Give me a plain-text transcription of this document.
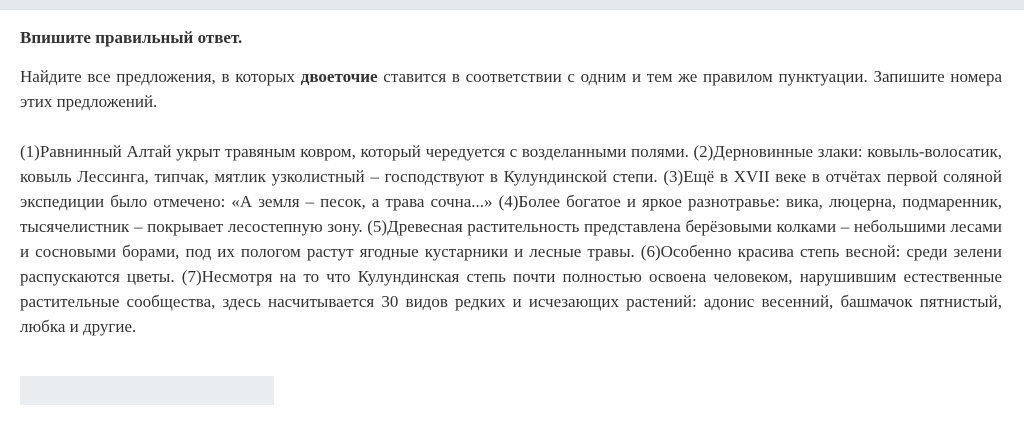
Впишите правильный ответ.

Найдите все предложения, в которых двоеточие ставится в соответствии с одним и тем же правилом пунктуации. Запишите номера этих предложений.

(1)Равнинный Алтай укрыт травяным ковром, который чередуется с возделанными полями. (2)Дерновинные злаки: ковыль-волосатик, ковыль Лессинга, типчак, мятлик узколистный – господствуют в Кулундинской степи. (3)Ещё в XVII веке в отчётах первой соляной экспедиции было отмечено: «А земля – песок, а трава сочна...» (4)Более богатое и яркое разнотравье: вика, люцерна, подмаренник, тысячелистник – покрывает лесостепную зону. (5)Древесная растительность представлена берёзовыми колками – небольшими лесами и сосновыми борами, под их пологом растут ягодные кустарники и лесные травы. (6)Особенно красива степь весной: среди зелени распускаются цветы. (7)Несмотря на то что Кулундинская степь почти полностью освоена человеком, нарушившим естественные растительные сообщества, здесь насчитывается 30 видов редких и исчезающих растений: адонис весенний, башмачок пятнистый, любка и другие.
